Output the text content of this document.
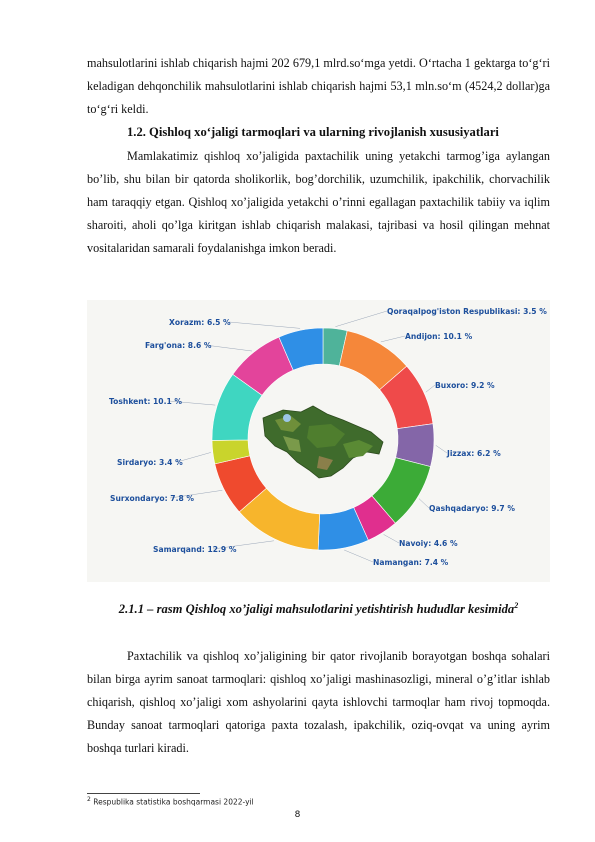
mahsulotlarini ishlab chiqarish hajmi 202 679,1 mlrd.so‘mga yetdi. O‘rtacha 1 gektarga to‘g‘ri keladigan dehqonchilik mahsulotlarini ishlab chiqarish hajmi 53,1 mln.so‘m (4524,2 dollar)ga to‘g‘ri keldi.
1.2. Qishloq xo‘jaligi tarmoqlari va ularning rivojlanish xususiyatlari
Mamlakatimiz qishloq xo’jaligida paxtachilik uning yetakchi tarmog’iga aylangan bo’lib, shu bilan bir qatorda sholikorlik, bog’dorchilik, uzumchilik, ipakchilik, chorvachilik ham taraqqiy etgan. Qishloq xo’jaligida yetakchi o’rinni egallagan paxtachilik tabiiy va iqlim sharoiti, aholi qo’lga kiritgan ishlab chiqarish malakasi, tajribasi va hosil qilingan mehnat vositalaridan samarali foydalanishga imkon beradi.
Qoraqalpog'iston Respublikasi: 3.5 %
Andijon: 10.1 %
Buxoro: 9.2 %
Jizzax: 6.2 %
Qashqadaryo: 9.7 %
Navoiy: 4.6 %
Namangan: 7.4 %
Samarqand: 12.9 %
Surxondaryo: 7.8 %
Sirdaryo: 3.4 %
Toshkent: 10.1 %
Farg'ona: 8.6 %
Xorazm: 6.5 %
2.1.1 – rasm Qishloq xo’jaligi mahsulotlarini yetishtirish hududlar kesimida$^2$
Paxtachilik va qishloq xo’jaligining bir qator rivojlanib borayotgan boshqa sohalari bilan birga ayrim sanoat tarmoqlari: qishloq xo’jaligi mashinasozligi, mineral o’g’itlar ishlab chiqarish, qishloq xo’jaligi xom ashyolarini qayta ishlovchi tarmoqlar ham rivoj topmoqda. Bunday sanoat tarmoqlari qatoriga paxta tozalash, ipakchilik, oziq-ovqat va uning ayrim boshqa turlari kiradi.
$^2$ Respublika statistika boshqarmasi 2022-yil
8
